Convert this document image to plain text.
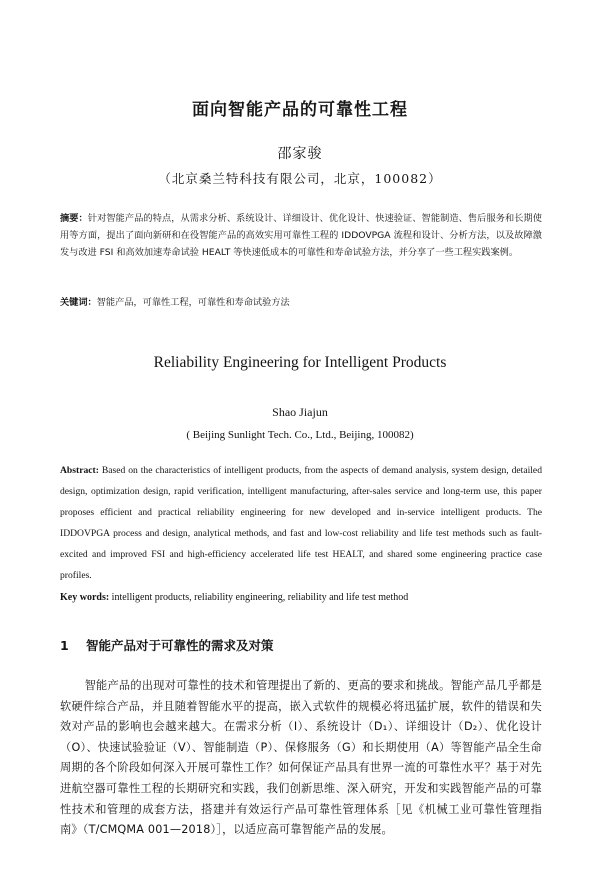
面向智能产品的可靠性工程
邵家骏
（北京桑兰特科技有限公司，北京，100082）
摘要：针对智能产品的特点，从需求分析、系统设计、详细设计、优化设计、快速验证、智能制造、售后服务和长期使用等方面，提出了面向新研和在役智能产品的高效实用可靠性工程的 IDDOVPGA 流程和设计、分析方法，以及故障激发与改进 FSI 和高效加速寿命试验 HEALT 等快速低成本的可靠性和寿命试验方法，并分享了一些工程实践案例。
关键词：智能产品，可靠性工程，可靠性和寿命试验方法
Reliability Engineering for Intelligent Products
Shao Jiajun
( Beijing Sunlight Tech. Co., Ltd., Beijing, 100082)
Abstract: Based on the characteristics of intelligent products, from the aspects of demand analysis, system design, detailed design, optimization design, rapid verification, intelligent manufacturing, after-sales service and long-term use, this paper proposes efficient and practical reliability engineering for new developed and in-service intelligent products. The IDDOVPGA process and design, analytical methods, and fast and low-cost reliability and life test methods such as fault-excited and improved FSI and high-efficiency accelerated life test HEALT, and shared some engineering practice case profiles.
Key words: intelligent products, reliability engineering, reliability and life test method
1 智能产品对于可靠性的需求及对策
智能产品的出现对可靠性的技术和管理提出了新的、更高的要求和挑战。智能产品几乎都是软硬件综合产品，并且随着智能水平的提高，嵌入式软件的规模必将迅猛扩展，软件的错误和失效对产品的影响也会越来越大。在需求分析（I）、系统设计（D₁）、详细设计（D₂）、优化设计（O）、快速试验验证（V）、智能制造（P）、保修服务（G）和长期使用（A）等智能产品全生命周期的各个阶段如何深入开展可靠性工作？如何保证产品具有世界一流的可靠性水平？基于对先进航空器可靠性工程的长期研究和实践，我们创新思维、深入研究，开发和实践智能产品的可靠性技术和管理的成套方法，搭建并有效运行产品可靠性管理体系［见《机械工业可靠性管理指南》（T/CMQMA 001—2018）］，以适应高可靠智能产品的发展。
